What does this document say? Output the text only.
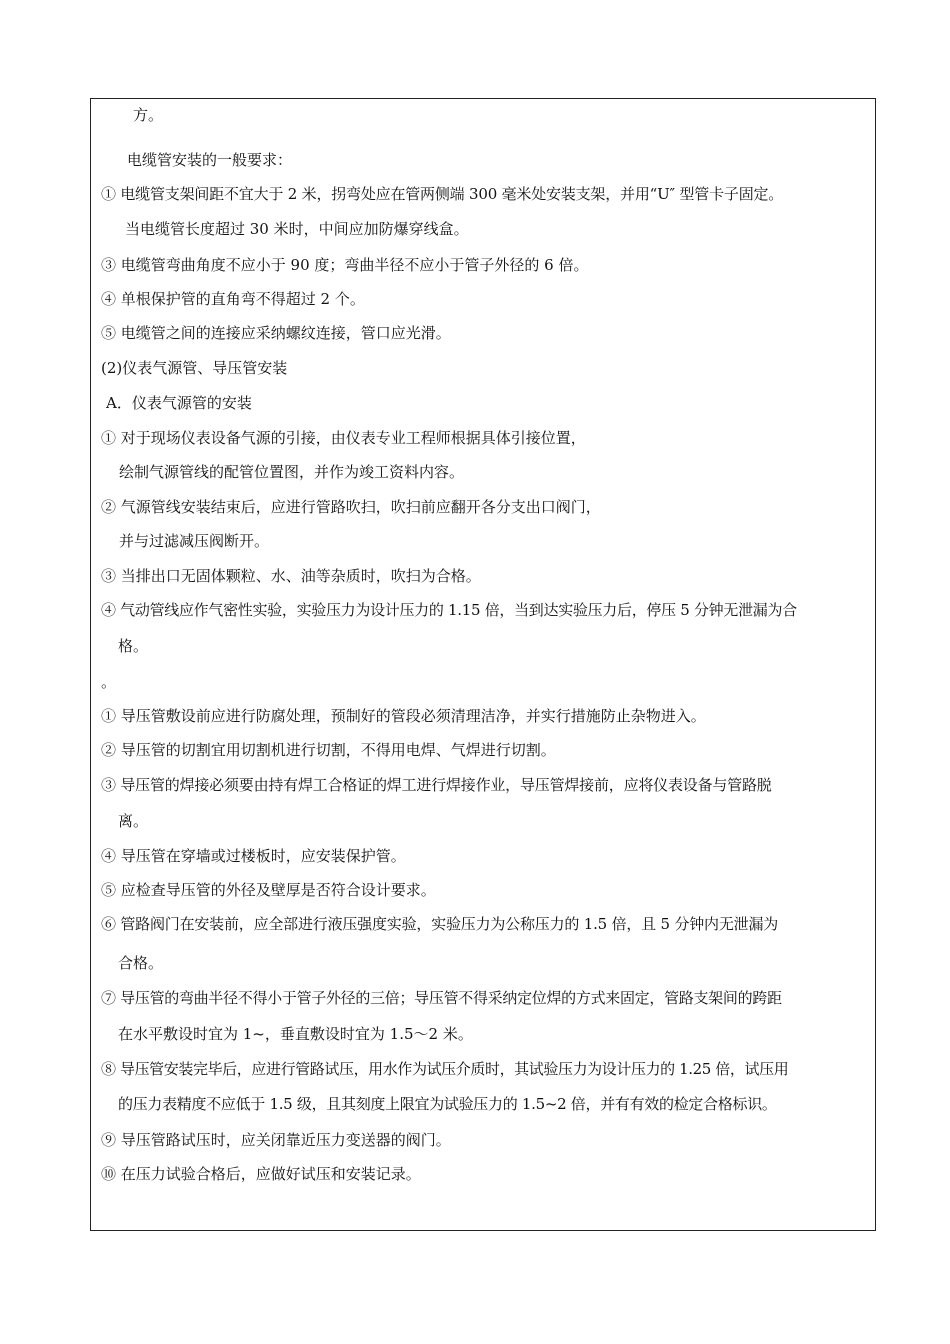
方。
电缆管安装的一般要求：
① 电缆管支架间距不宜大于 2 米，拐弯处应在管两侧端 300 毫米处安装支架，并用“U″ 型管卡子固定。
当电缆管长度超过 30 米时，中间应加防爆穿线盒。
③ 电缆管弯曲角度不应小于 90 度；弯曲半径不应小于管子外径的 6 倍。
④ 单根保护管的直角弯不得超过 2 个。
⑤ 电缆管之间的连接应采纳螺纹连接，管口应光滑。
(2)仪表气源管、导压管安装
A．仪表气源管的安装
① 对于现场仪表设备气源的引接，由仪表专业工程师根据具体引接位置，
绘制气源管线的配管位置图，并作为竣工资料内容。
② 气源管线安装结束后，应进行管路吹扫，吹扫前应翻开各分支出口阀门，
并与过滤减压阀断开。
③ 当排出口无固体颗粒、水、油等杂质时，吹扫为合格。
④ 气动管线应作气密性实验，实验压力为设计压力的 1.15 倍，当到达实验压力后，停压 5 分钟无泄漏为合
格。
。
① 导压管敷设前应进行防腐处理，预制好的管段必须清理洁净，并实行措施防止杂物进入。
② 导压管的切割宜用切割机进行切割，不得用电焊、气焊进行切割。
③ 导压管的焊接必须要由持有焊工合格证的焊工进行焊接作业，导压管焊接前，应将仪表设备与管路脱
离。
④ 导压管在穿墙或过楼板时，应安装保护管。
⑤ 应检查导压管的外径及壁厚是否符合设计要求。
⑥ 管路阀门在安装前，应全部进行液压强度实验，实验压力为公称压力的 1.5 倍，且 5 分钟内无泄漏为
合格。
⑦ 导压管的弯曲半径不得小于管子外径的三倍；导压管不得采纳定位焊的方式来固定，管路支架间的跨距
在水平敷设时宜为 1~，垂直敷设时宜为 1.5～2 米。
⑧ 导压管安装完毕后，应进行管路试压，用水作为试压介质时，其试验压力为设计压力的 1.25 倍，试压用
的压力表精度不应低于 1.5 级，且其刻度上限宜为试验压力的 1.5~2 倍，并有有效的检定合格标识。
⑨ 导压管路试压时，应关闭靠近压力变送器的阀门。
⑩ 在压力试验合格后，应做好试压和安装记录。
